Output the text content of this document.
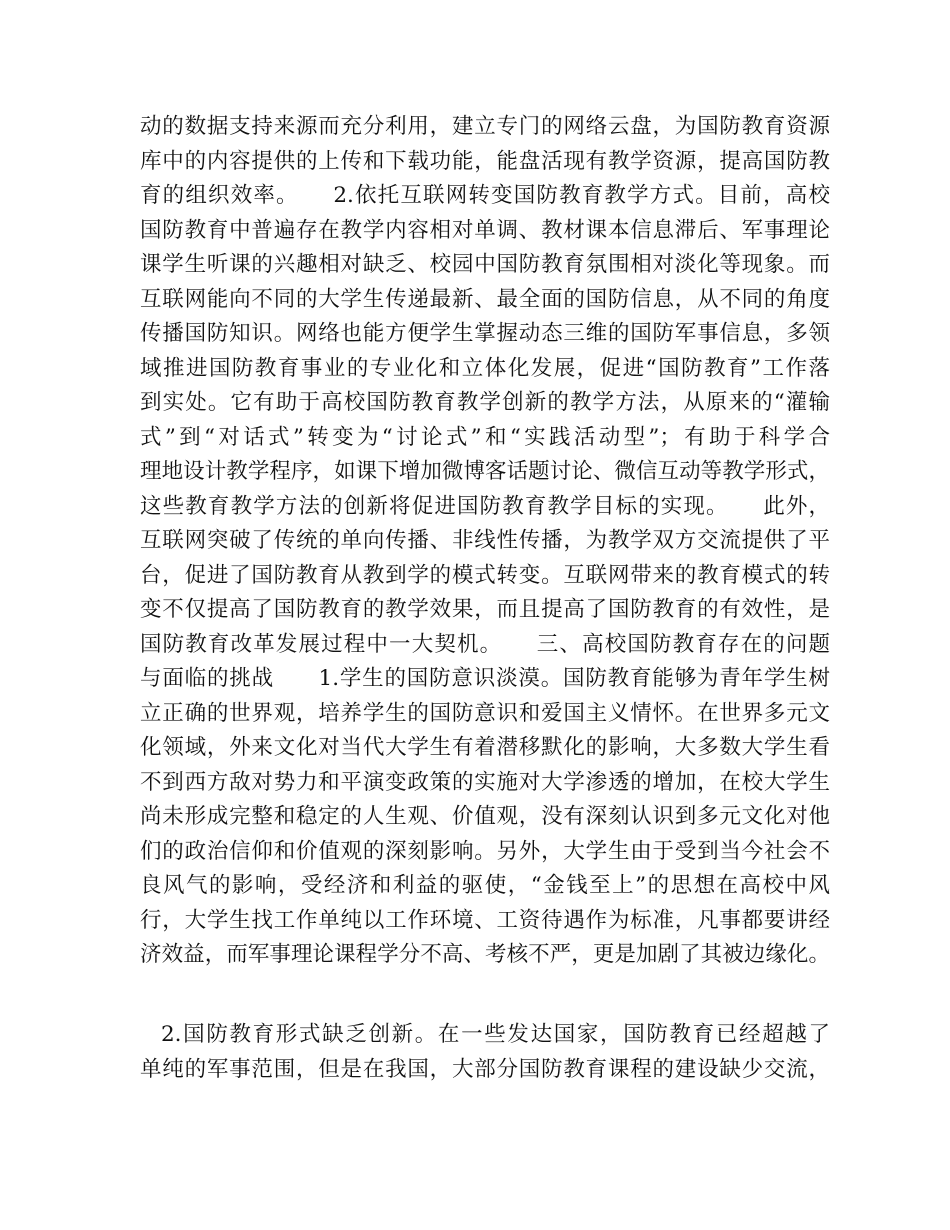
动的数据支持来源而充分利用，建立专门的网络云盘，为国防教育资源
库中的内容提供的上传和下载功能，能盘活现有教学资源，提高国防教
育的组织效率。　　2.依托互联网转变国防教育教学方式。目前，高校
国防教育中普遍存在教学内容相对单调、教材课本信息滞后、军事理论
课学生听课的兴趣相对缺乏、校园中国防教育氛围相对淡化等现象。而
互联网能向不同的大学生传递最新、最全面的国防信息，从不同的角度
传播国防知识。网络也能方便学生掌握动态三维的国防军事信息，多领
域推进国防教育事业的专业化和立体化发展，促进“国防教育”工作落
到实处。它有助于高校国防教育教学创新的教学方法，从原来的“灌输
式”到“对话式”转变为“讨论式”和“实践活动型”；有助于科学合
理地设计教学程序，如课下增加微博客话题讨论、微信互动等教学形式，
这些教育教学方法的创新将促进国防教育教学目标的实现。　　此外，
互联网突破了传统的单向传播、非线性传播，为教学双方交流提供了平
台，促进了国防教育从教到学的模式转变。互联网带来的教育模式的转
变不仅提高了国防教育的教学效果，而且提高了国防教育的有效性，是
国防教育改革发展过程中一大契机。　　三、高校国防教育存在的问题
与面临的挑战　　1.学生的国防意识淡漠。国防教育能够为青年学生树
立正确的世界观，培养学生的国防意识和爱国主义情怀。在世界多元文
化领域，外来文化对当代大学生有着潜移默化的影响，大多数大学生看
不到西方敌对势力和平演变政策的实施对大学渗透的增加，在校大学生
尚未形成完整和稳定的人生观、价值观，没有深刻认识到多元文化对他
们的政治信仰和价值观的深刻影响。另外，大学生由于受到当今社会不
良风气的影响，受经济和利益的驱使，“金钱至上”的思想在高校中风
行，大学生找工作单纯以工作环境、工资待遇作为标准，凡事都要讲经
济效益，而军事理论课程学分不高、考核不严，更是加剧了其被边缘化。
2.国防教育形式缺乏创新。在一些发达国家，国防教育已经超越了
单纯的军事范围，但是在我国，大部分国防教育课程的建设缺少交流，
